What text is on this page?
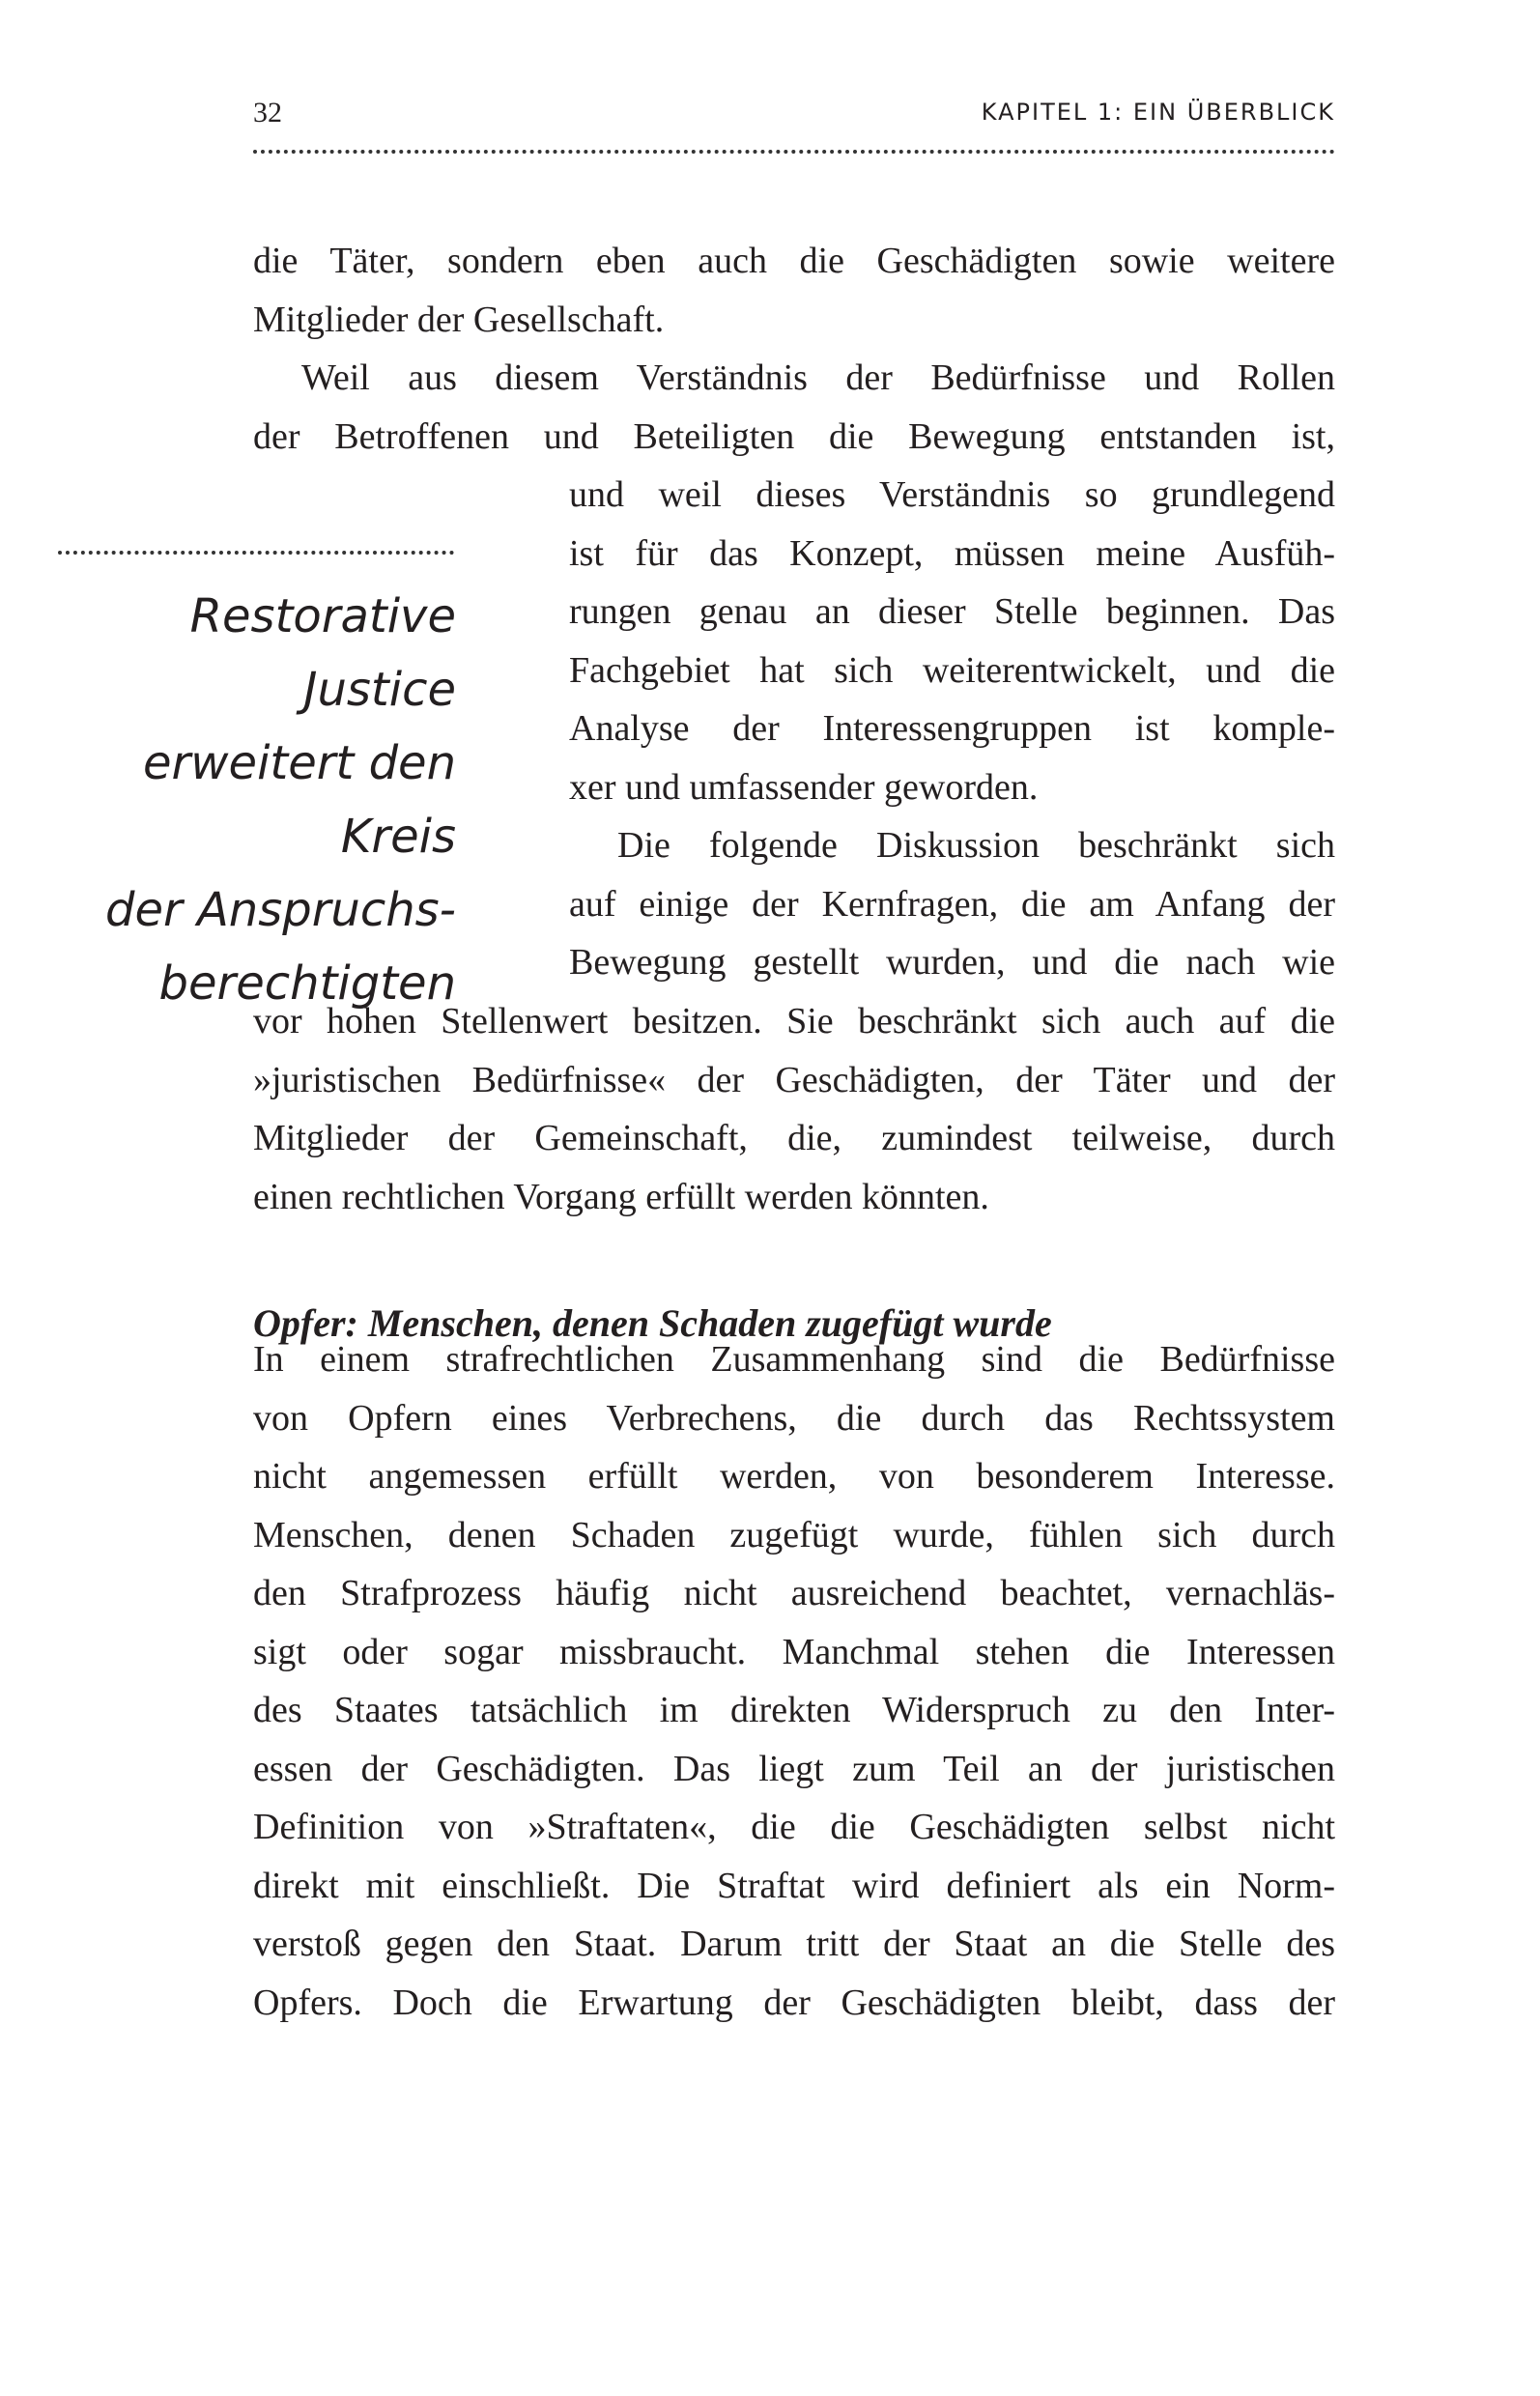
32	KAPITEL 1: EIN ÜBERBLICK
die Täter, sondern eben auch die Geschädigten sowie weitere
Mitglieder der Gesellschaft.
Weil aus diesem Verständnis der Bedürfnisse und Rollen
der Betroffenen und Beteiligten die Bewegung entstanden ist,
Restorative Justice
erweitert den Kreis
der Anspruchs-
berechtigten
und weil dieses Verständnis so grundlegend
ist für das Konzept, müssen meine Ausfüh-
rungen genau an dieser Stelle beginnen. Das
Fachgebiet hat sich weiterentwickelt, und die
Analyse der Interessengruppen ist komple-
xer und umfassender geworden.
Die folgende Diskussion beschränkt sich
auf einige der Kernfragen, die am Anfang der
Bewegung gestellt wurden, und die nach wie
vor hohen Stellenwert besitzen. Sie beschränkt sich auch auf die
»juristischen Bedürfnisse« der Geschädigten, der Täter und der
Mitglieder der Gemeinschaft, die, zumindest teilweise, durch
einen rechtlichen Vorgang erfüllt werden könnten.
Opfer: Menschen, denen Schaden zugefügt wurde
In einem strafrechtlichen Zusammenhang sind die Bedürfnisse
von Opfern eines Verbrechens, die durch das Rechtssystem
nicht angemessen erfüllt werden, von besonderem Interesse.
Menschen, denen Schaden zugefügt wurde, fühlen sich durch
den Strafprozess häufig nicht ausreichend beachtet, vernachläs-
sigt oder sogar missbraucht. Manchmal stehen die Interessen
des Staates tatsächlich im direkten Widerspruch zu den Inter-
essen der Geschädigten. Das liegt zum Teil an der juristischen
Definition von »Straftaten«, die die Geschädigten selbst nicht
direkt mit einschließt. Die Straftat wird definiert als ein Norm-
verstoß gegen den Staat. Darum tritt der Staat an die Stelle des
Opfers. Doch die Erwartung der Geschädigten bleibt, dass der
